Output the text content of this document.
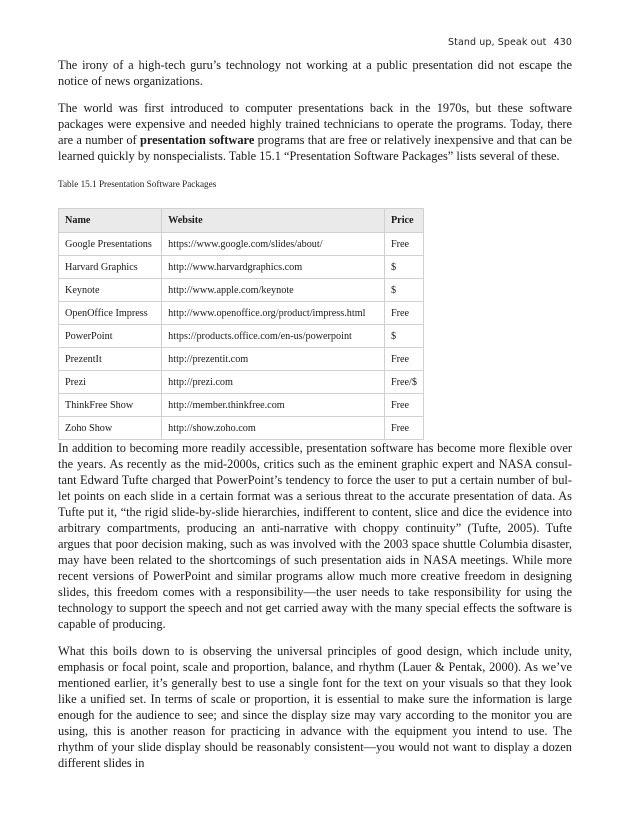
Stand up, Speak out 430

The irony of a high-tech guru’s technology not working at a public presentation did not escape the notice of news organizations.

The world was first introduced to computer presentations back in the 1970s, but these software packages were expensive and needed highly trained technicians to operate the programs. Today, there are a number of presentation software programs that are free or relatively inexpensive and that can be learned quickly by nonspecialists. Table 15.1 “Presentation Software Packages” lists several of these.

Table 15.1 Presentation Software Packages
Name	Website	Price
Google Presentations	https://www.google.com/slides/about/	Free
Harvard Graphics	http://www.harvardgraphics.com	$
Keynote	http://www.apple.com/keynote	$
OpenOffice Impress	http://www.openoffice.org/product/impress.html	Free
PowerPoint	https://products.office.com/en-us/powerpoint	$
PrezentIt	http://prezentit.com	Free
Prezi	http://prezi.com	Free/$
ThinkFree Show	http://member.thinkfree.com	Free
Zoho Show	http://show.zoho.com	Free

In addition to becoming more readily accessible, presentation software has become more flexible over the years. As recently as the mid-2000s, critics such as the eminent graphic expert and NASA consultant Edward Tufte charged that PowerPoint’s tendency to force the user to put a certain number of bullet points on each slide in a certain format was a serious threat to the accurate presentation of data. As Tufte put it, “the rigid slide-by-slide hierarchies, indifferent to content, slice and dice the evidence into arbitrary compartments, producing an anti-narrative with choppy continuity” (Tufte, 2005). Tufte argues that poor decision making, such as was involved with the 2003 space shuttle Columbia disaster, may have been related to the shortcomings of such presentation aids in NASA meetings. While more recent versions of PowerPoint and similar programs allow much more creative freedom in designing slides, this freedom comes with a responsibility—the user needs to take responsibility for using the technology to support the speech and not get carried away with the many special effects the software is capable of producing.

What this boils down to is observing the universal principles of good design, which include unity, emphasis or focal point, scale and proportion, balance, and rhythm (Lauer & Pentak, 2000). As we’ve mentioned earlier, it’s generally best to use a single font for the text on your visuals so that they look like a unified set. In terms of scale or proportion, it is essential to make sure the information is large enough for the audience to see; and since the display size may vary according to the monitor you are using, this is another reason for practicing in advance with the equipment you intend to use. The rhythm of your slide display should be reasonably consistent—you would not want to display a dozen different slides in
